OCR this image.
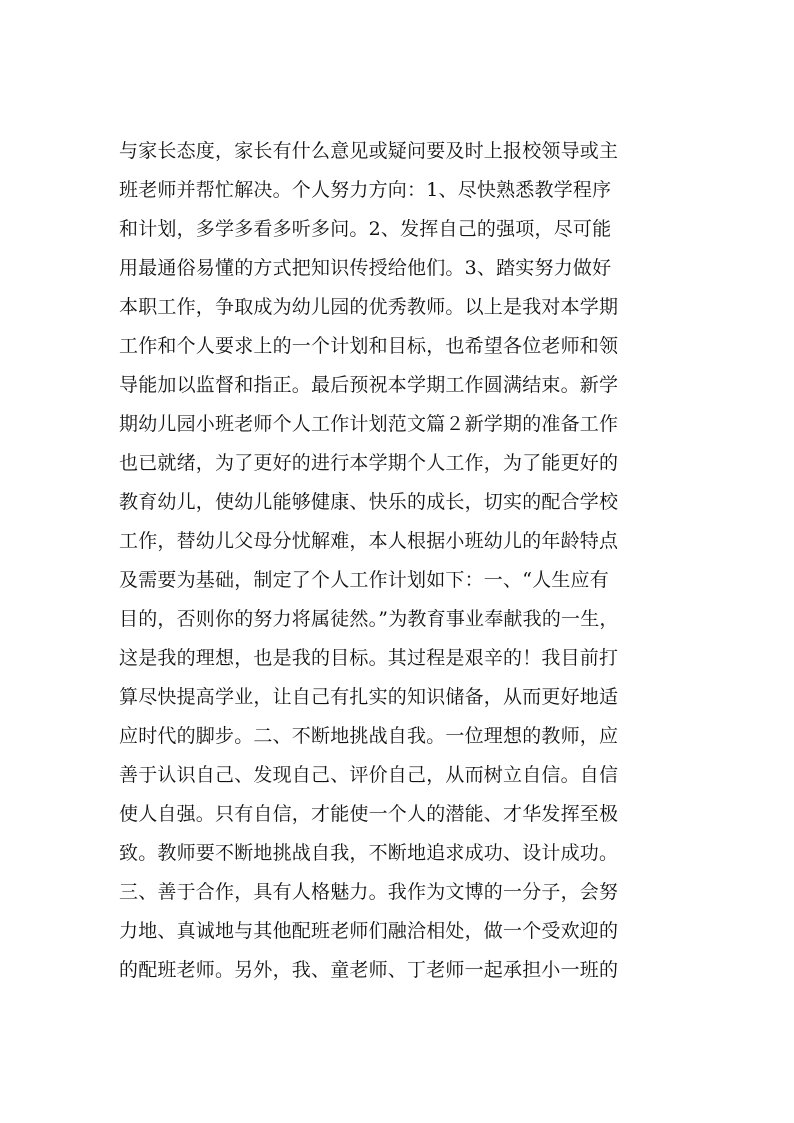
与家长态度，家长有什么意见或疑问要及时上报校领导或主
班老师并帮忙解决。个人努力方向：1、尽快熟悉教学程序
和计划，多学多看多听多问。2、发挥自己的强项，尽可能
用最通俗易懂的方式把知识传授给他们。3、踏实努力做好
本职工作，争取成为幼儿园的优秀教师。以上是我对本学期
工作和个人要求上的一个计划和目标，也希望各位老师和领
导能加以监督和指正。最后预祝本学期工作圆满结束。新学
期幼儿园小班老师个人工作计划范文篇２新学期的准备工作
也已就绪，为了更好的进行本学期个人工作，为了能更好的
教育幼儿，使幼儿能够健康、快乐的成长，切实的配合学校
工作，替幼儿父母分忧解难，本人根据小班幼儿的年龄特点
及需要为基础，制定了个人工作计划如下：一、“人生应有
目的，否则你的努力将属徒然。”为教育事业奉献我的一生，
这是我的理想，也是我的目标。其过程是艰辛的！我目前打
算尽快提高学业，让自己有扎实的知识储备，从而更好地适
应时代的脚步。二、不断地挑战自我。一位理想的教师，应
善于认识自己、发现自己、评价自己，从而树立自信。自信
使人自强。只有自信，才能使一个人的潜能、才华发挥至极
致。教师要不断地挑战自我，不断地追求成功、设计成功。
三、善于合作，具有人格魅力。我作为文博的一分子，会努
力地、真诚地与其他配班老师们融洽相处，做一个受欢迎的
的配班老师。另外，我、童老师、丁老师一起承担小一班的
